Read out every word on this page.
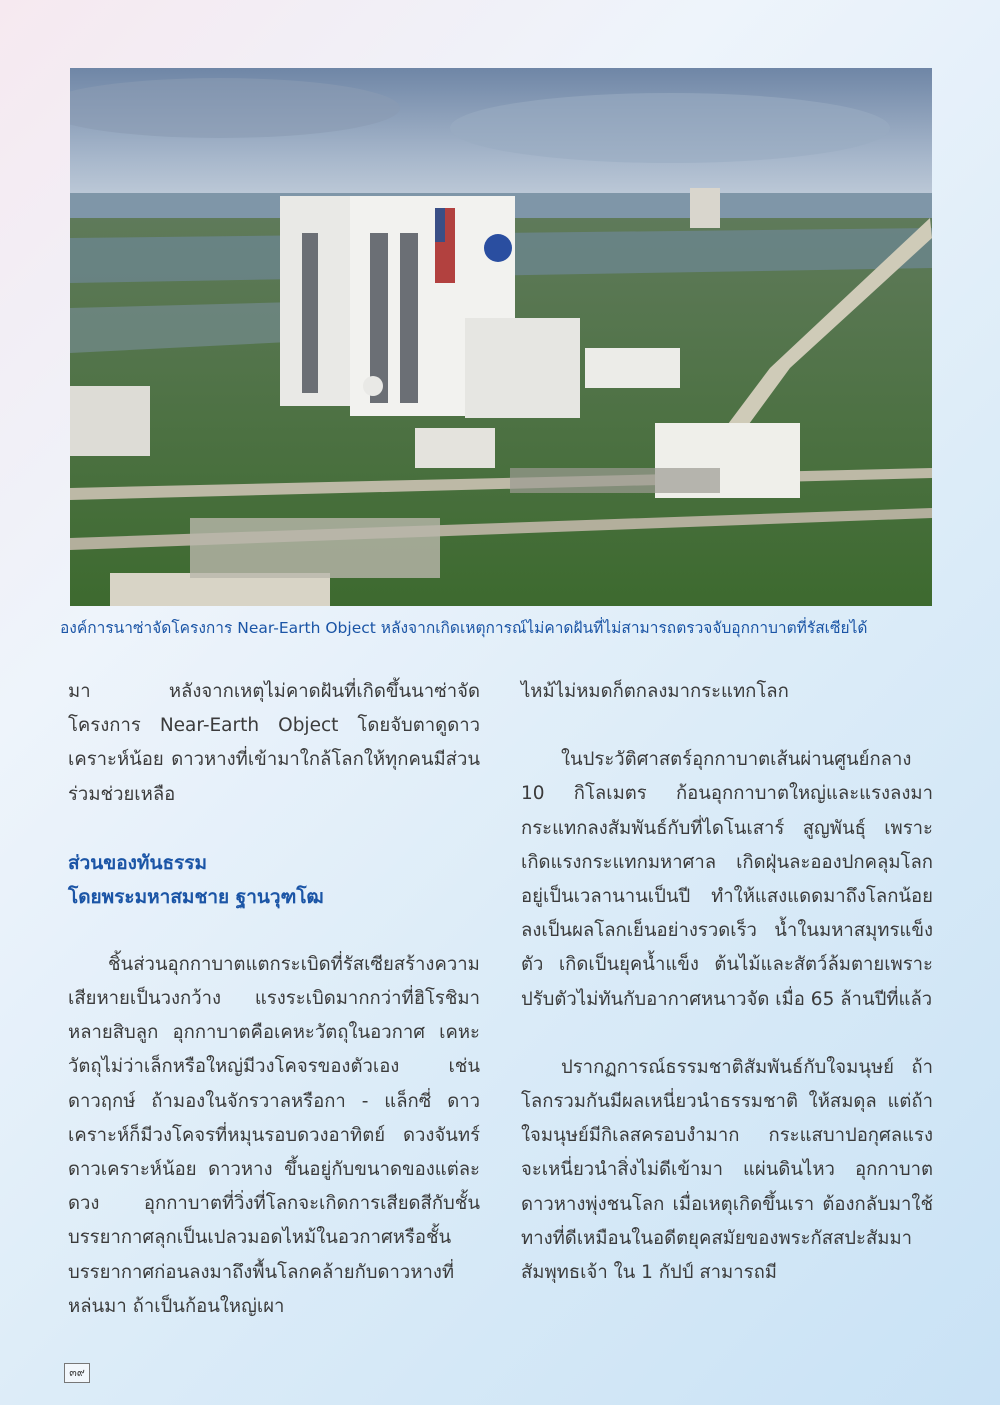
องค์การนาซ่าจัดโครงการ Near-Earth Object หลังจากเกิดเหตุการณ์ไม่คาดฝันที่ไม่สามารถตรวจจับอุกกาบาตที่รัสเซียได้

มา หลังจากเหตุไม่คาดฝันที่เกิดขึ้นนาซ่าจัดโครงการ Near-Earth Object โดยจับตาดูดาวเคราะห์น้อย ดาวหางที่เข้ามาใกล้โลกให้ทุกคนมีส่วนร่วมช่วยเหลือ

ส่วนของทันธรรม
โดยพระมหาสมชาย ฐานวุฑโฒ

ชิ้นส่วนอุกกาบาตแตกระเบิดที่รัสเซียสร้างความเสียหายเป็นวงกว้าง แรงระเบิดมากกว่าที่ฮิโรชิมาหลายสิบลูก อุกกาบาตคือเคหะวัตถุในอวกาศ เคหะวัตถุไม่ว่าเล็กหรือใหญ่มีวงโคจรของตัวเอง เช่นดาวฤกษ์ ถ้ามองในจักรวาลหรือกา - แล็กซี่ ดาวเคราะห์ก็มีวงโคจรที่หมุนรอบดวงอาทิตย์ ดวงจันทร์ ดาวเคราะห์น้อย ดาวหาง ขึ้นอยู่กับขนาดของแต่ละดวง อุกกาบาตที่วิ่งที่โลกจะเกิดการเสียดสีกับชั้นบรรยากาศลุกเป็นเปลวมอดไหม้ในอวกาศหรือชั้นบรรยากาศก่อนลงมาถึงพื้นโลกคล้ายกับดาวหางที่หล่นมา ถ้าเป็นก้อนใหญ่เผา

ไหม้ไม่หมดก็ตกลงมากระแทกโลก

ในประวัติศาสตร์อุกกาบาตเส้นผ่านศูนย์กลาง 10 กิโลเมตร ก้อนอุกกาบาตใหญ่และแรงลงมากระแทกลงสัมพันธ์กับที่ไดโนเสาร์ สูญพันธุ์ เพราะเกิดแรงกระแทกมหาศาล เกิดฝุ่นละอองปกคลุมโลกอยู่เป็นเวลานานเป็นปี ทำให้แสงแดดมาถึงโลกน้อยลงเป็นผลโลกเย็นอย่างรวดเร็ว น้ำในมหาสมุทรแข็งตัว เกิดเป็นยุคน้ำแข็ง ต้นไม้และสัตว์ล้มตายเพราะปรับตัวไม่ทันกับอากาศหนาวจัด เมื่อ 65 ล้านปีที่แล้ว

ปรากฏการณ์ธรรมชาติสัมพันธ์กับใจมนุษย์ ถ้าโลกรวมกันมีผลเหนี่ยวนำธรรมชาติ ให้สมดุล แต่ถ้าใจมนุษย์มีกิเลสครอบงำมาก กระแสบาปอกุศลแรง จะเหนี่ยวนำสิ่งไม่ดีเข้ามา แผ่นดินไหว อุกกาบาต ดาวหางพุ่งชนโลก เมื่อเหตุเกิดขึ้นเรา ต้องกลับมาใช้ทางที่ดีเหมือนในอดีตยุคสมัยของพระกัสสปะสัมมาสัมพุทธเจ้า ใน 1 กัปป์ สามารถมี

๓๙
